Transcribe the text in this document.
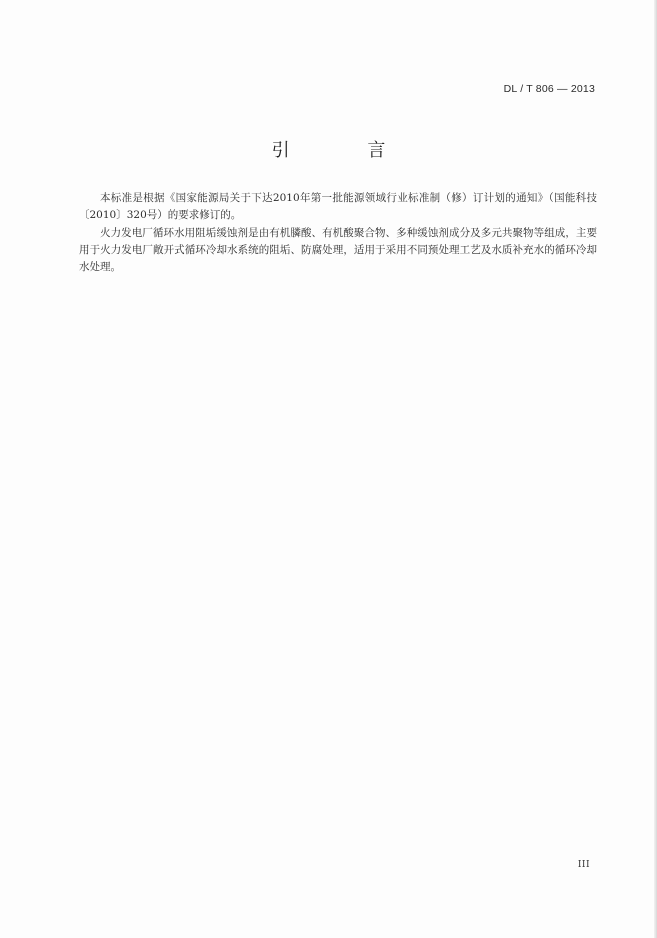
DL / T 806 — 2013
引 言

本标准是根据《国家能源局关于下达2010年第一批能源领域行业标准制（修）订计划的通知》（国能科技〔2010〕320号）的要求修订的。

火力发电厂循环水用阻垢缓蚀剂是由有机膦酸、有机酸聚合物、多种缓蚀剂成分及多元共聚物等组成，主要用于火力发电厂敞开式循环冷却水系统的阻垢、防腐处理，适用于采用不同预处理工艺及水质补充水的循环冷却水处理。

III
